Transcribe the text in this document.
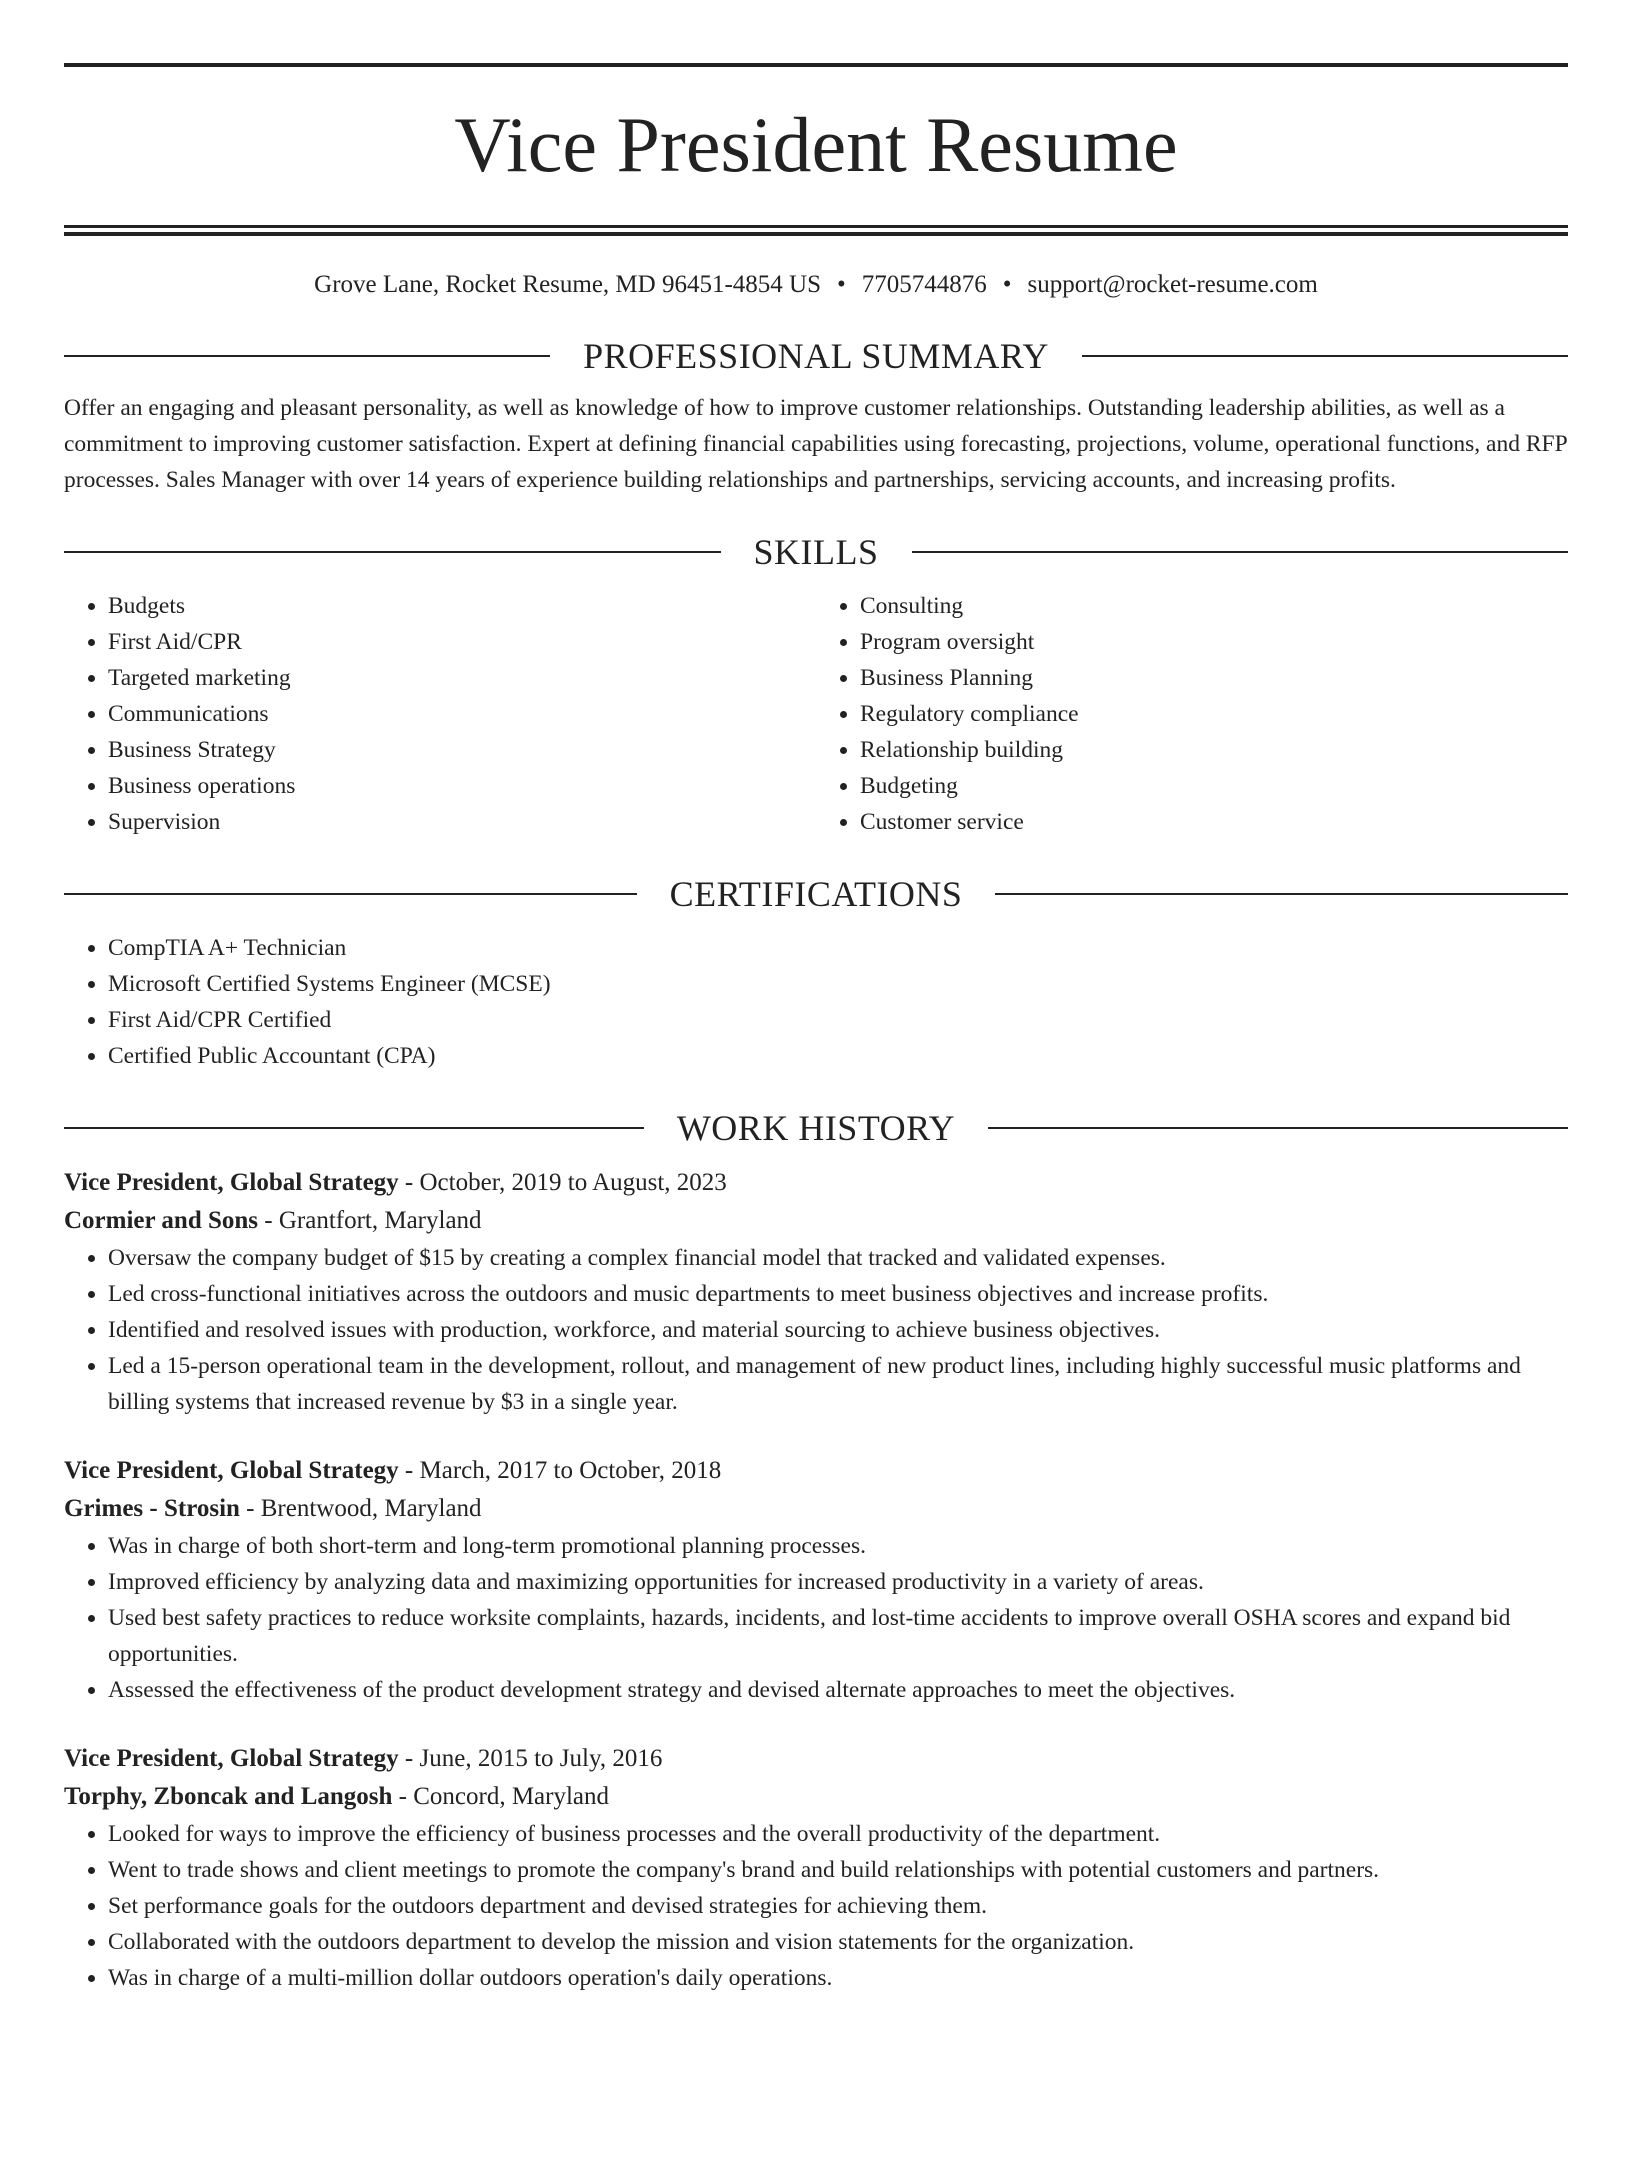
Vice President Resume
Grove Lane, Rocket Resume, MD 96451-4854 US • 7705744876 • support@rocket-resume.com
PROFESSIONAL SUMMARY
Offer an engaging and pleasant personality, as well as knowledge of how to improve customer relationships. Outstanding leadership abilities, as well as a commitment to improving customer satisfaction. Expert at defining financial capabilities using forecasting, projections, volume, operational functions, and RFP processes. Sales Manager with over 14 years of experience building relationships and partnerships, servicing accounts, and increasing profits.
SKILLS
• Budgets
• First Aid/CPR
• Targeted marketing
• Communications
• Business Strategy
• Business operations
• Supervision
• Consulting
• Program oversight
• Business Planning
• Regulatory compliance
• Relationship building
• Budgeting
• Customer service
CERTIFICATIONS
• CompTIA A+ Technician
• Microsoft Certified Systems Engineer (MCSE)
• First Aid/CPR Certified
• Certified Public Accountant (CPA)
WORK HISTORY
Vice President, Global Strategy - October, 2019 to August, 2023
Cormier and Sons - Grantfort, Maryland
• Oversaw the company budget of $15 by creating a complex financial model that tracked and validated expenses.
• Led cross-functional initiatives across the outdoors and music departments to meet business objectives and increase profits.
• Identified and resolved issues with production, workforce, and material sourcing to achieve business objectives.
• Led a 15-person operational team in the development, rollout, and management of new product lines, including highly successful music platforms and billing systems that increased revenue by $3 in a single year.
Vice President, Global Strategy - March, 2017 to October, 2018
Grimes - Strosin - Brentwood, Maryland
• Was in charge of both short-term and long-term promotional planning processes.
• Improved efficiency by analyzing data and maximizing opportunities for increased productivity in a variety of areas.
• Used best safety practices to reduce worksite complaints, hazards, incidents, and lost-time accidents to improve overall OSHA scores and expand bid opportunities.
• Assessed the effectiveness of the product development strategy and devised alternate approaches to meet the objectives.
Vice President, Global Strategy - June, 2015 to July, 2016
Torphy, Zboncak and Langosh - Concord, Maryland
• Looked for ways to improve the efficiency of business processes and the overall productivity of the department.
• Went to trade shows and client meetings to promote the company's brand and build relationships with potential customers and partners.
• Set performance goals for the outdoors department and devised strategies for achieving them.
• Collaborated with the outdoors department to develop the mission and vision statements for the organization.
• Was in charge of a multi-million dollar outdoors operation's daily operations.
